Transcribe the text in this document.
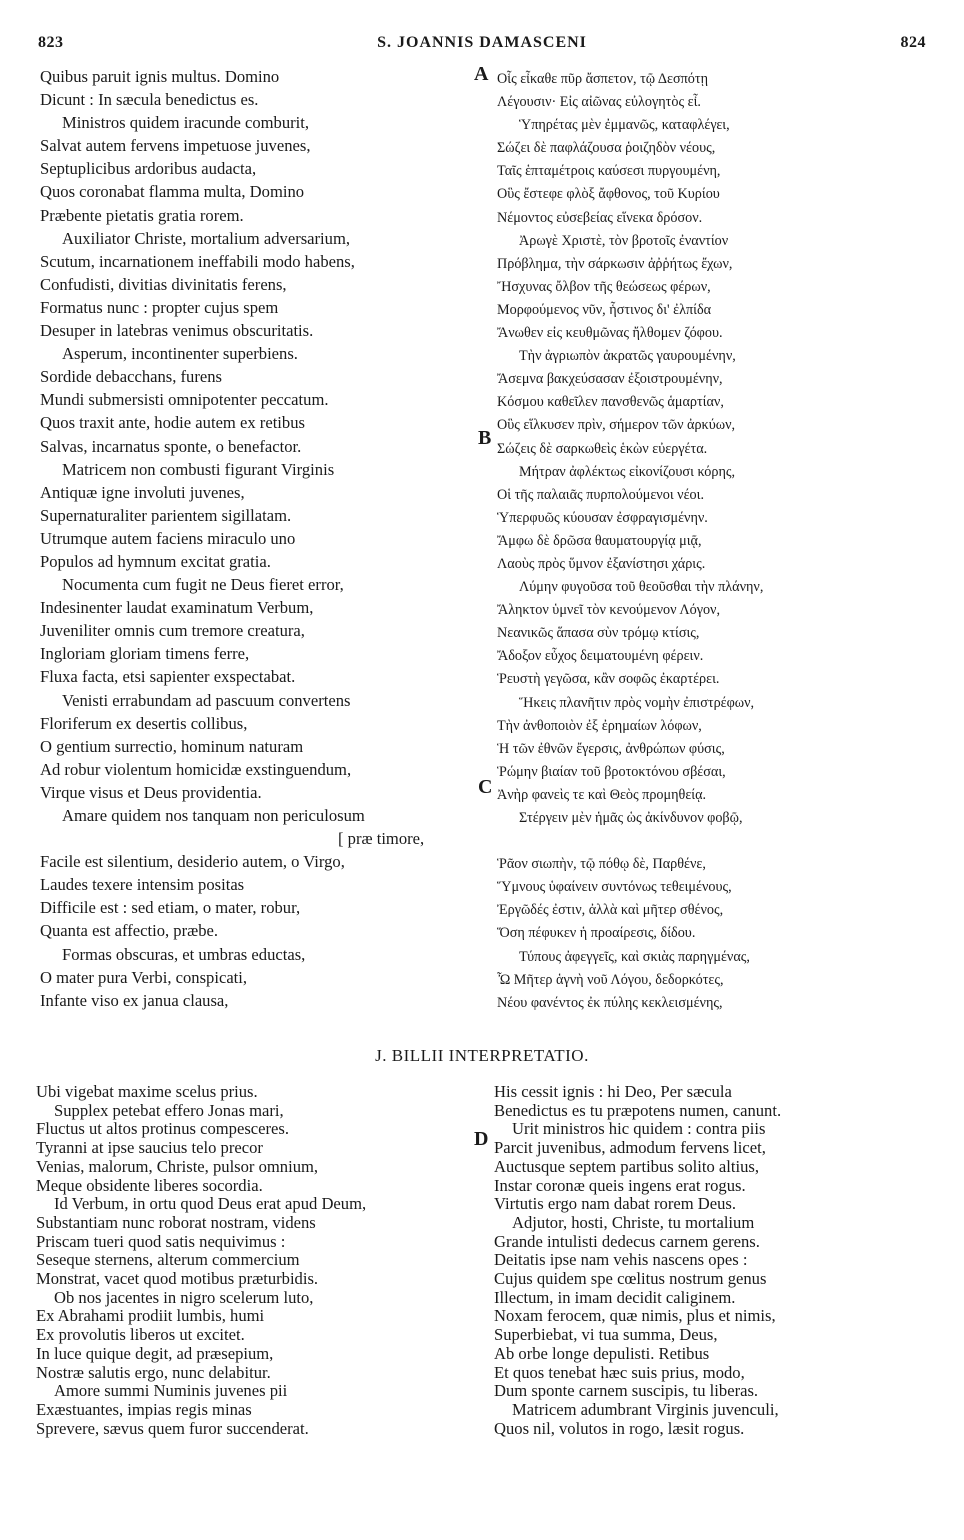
823	S. JOANNIS DAMASCENI	824
Quibus paruit ignis multus. Domino
Dicunt : In sæcula benedictus es.
Ministros quidem iracunde comburit,
Salvat autem fervens impetuose juvenes,
Septuplicibus ardoribus audacta,
Quos coronabat flamma multa, Domino
Præbente pietatis gratia rorem.
Auxiliator Christe, mortalium adversarium,
Scutum, incarnationem ineffabili modo habens,
Confudisti, divitias divinitatis ferens,
Formatus nunc : propter cujus spem
Desuper in latebras venimus obscuritatis.
Asperum, incontinenter superbiens.
Sordide debacchans, furens
Mundi submersisti omnipotenter peccatum.
Quos traxit ante, hodie autem ex retibus
Salvas, incarnatus sponte, o benefactor.
Matricem non combusti figurant Virginis
Antiquæ igne involuti juvenes,
Supernaturaliter parientem sigillatam.
Utrumque autem faciens miraculo uno
Populos ad hymnum excitat gratia.
Nocumenta cum fugit ne Deus fieret error,
Indesinenter laudat examinatum Verbum,
Juveniliter omnis cum tremore creatura,
Ingloriam gloriam timens ferre,
Fluxa facta, etsi sapienter exspectabat.
Venisti errabundam ad pascuum convertens
Floriferum ex desertis collibus,
O gentium surrectio, hominum naturam
Ad robur violentum homicidæ exstinguendum,
Virque visus et Deus providentia.
Amare quidem nos tanquam non periculosum
[ præ timore,
Facile est silentium, desiderio autem, o Virgo,
Laudes texere intensim positas
Difficile est : sed etiam, o mater, robur,
Quanta est affectio, præbe.
Formas obscuras, et umbras eductas,
O mater pura Verbi, conspicati,
Infante viso ex janua clausa,
Οἷς εἶκαθε πῦρ ἄσπετον, τῷ Δεσπότῃ
Λέγουσιν· Εἰς αἰῶνας εὐλογητὸς εἶ.
Ὑπηρέτας μὲν ἐμμανῶς, καταφλέγει,
Σώζει δὲ παφλάζουσα ῥοιζηδὸν νέους,
Ταῖς ἑπταμέτροις καύσεσι πυργουμένη,
Οὓς ἔστεφε φλὸξ ἄφθονος, τοῦ Κυρίου
Νέμοντος εὐσεβείας εἵνεκα δρόσον.
Ἀρωγὲ Χριστὲ, τὸν βροτοῖς ἐναντίον
Πρόβλημα, τὴν σάρκωσιν ἀῤῥήτως ἔχων,
Ἤσχυνας ὄλβον τῆς θεώσεως φέρων,
Μορφούμενος νῦν, ἧστινος δι' ἐλπίδα
Ἄνωθεν εἰς κευθμῶνας ἤλθομεν ζόφου.
Τὴν ἀγριωπὸν ἀκρατῶς γαυρουμένην,
Ἄσεμνα βακχεύσασαν ἐξοιστρουμένην,
Κόσμου καθεῖλεν πανσθενῶς ἁμαρτίαν,
Οὓς εἵλκυσεν πρὶν, σήμερον τῶν ἀρκύων,
Σώζεις δὲ σαρκωθεὶς ἑκὼν εὐεργέτα.
Μήτραν ἀφλέκτως εἰκονίζουσι κόρης,
Οἱ τῆς παλαιᾶς πυρπολούμενοι νέοι.
Ὑπερφυῶς κύουσαν ἐσφραγισμένην.
Ἄμφω δὲ δρῶσα θαυματουργίᾳ μιᾷ,
Λαοὺς πρὸς ὕμνον ἐξανίστησι χάρις.
Λύμην φυγοῦσα τοῦ θεοῦσθαι τὴν πλάνην,
Ἄληκτον ὑμνεῖ τὸν κενούμενον Λόγον,
Νεανικῶς ἅπασα σὺν τρόμῳ κτίσις,
Ἄδοξον εὖχος δειματουμένη φέρειν.
Ῥευστὴ γεγῶσα, κἂν σοφῶς ἐκαρτέρει.
Ἥκεις πλανῆτιν πρὸς νομὴν ἐπιστρέφων,
Τὴν ἀνθοποιὸν ἐξ ἐρημαίων λόφων,
Ἡ τῶν ἐθνῶν ἔγερσις, ἀνθρώπων φύσις,
Ῥώμην βιαίαν τοῦ βροτοκτόνου σβέσαι,
Ἀνὴρ φανεὶς τε καὶ Θεὸς προμηθείᾳ.
Στέργειν μὲν ἡμᾶς ὡς ἀκίνδυνον φοβῷ,

Ῥᾶον σιωπὴν, τῷ πόθῳ δὲ, Παρθένε,
Ὕμνους ὑφαίνειν συντόνως τεθειμένους,
Ἐργῶδές ἐστιν, ἀλλὰ καὶ μῆτερ σθένος,
Ὅση πέφυκεν ἡ προαίρεσις, δίδου.
Τύπους ἀφεγγεῖς, καὶ σκιὰς παρηγμένας,
Ὦ Μῆτερ ἁγνὴ νοῦ Λόγου, δεδορκότες,
Νέου φανέντος ἐκ πύλης κεκλεισμένης,
A
B
C
D
J. BILLII INTERPRETATIO.
Ubi vigebat maxime scelus prius.
Supplex petebat effero Jonas mari,
Fluctus ut altos protinus compesceres.
Tyranni at ipse saucius telo precor
Venias, malorum, Christe, pulsor omnium,
Meque obsidente liberes socordia.
Id Verbum, in ortu quod Deus erat apud Deum,
Substantiam nunc roborat nostram, videns
Priscam tueri quod satis nequivimus :
Seseque sternens, alterum commercium
Monstrat, vacet quod motibus præturbidis.
Ob nos jacentes in nigro scelerum luto,
Ex Abrahami prodiit lumbis, humi
Ex provolutis liberos ut excitet.
In luce quique degit, ad præsepium,
Nostræ salutis ergo, nunc delabitur.
Amore summi Numinis juvenes pii
Exæstuantes, impias regis minas
Sprevere, sævus quem furor succenderat.
His cessit ignis : hi Deo, Per sæcula
Benedictus es tu præpotens numen, canunt.
Urit ministros hic quidem : contra piis
Parcit juvenibus, admodum fervens licet,
Auctusque septem partibus solito altius,
Instar coronæ queis ingens erat rogus.
Virtutis ergo nam dabat rorem Deus.
Adjutor, hosti, Christe, tu mortalium
Grande intulisti dedecus carnem gerens.
Deitatis ipse nam vehis nascens opes :
Cujus quidem spe cœlitus nostrum genus
Illectum, in imam decidit caliginem.
Noxam ferocem, quæ nimis, plus et nimis,
Superbiebat, vi tua summa, Deus,
Ab orbe longe depulisti. Retibus
Et quos tenebat hæc suis prius, modo,
Dum sponte carnem suscipis, tu liberas.
Matricem adumbrant Virginis juvenculi,
Quos nil, volutos in rogo, læsit rogus.
